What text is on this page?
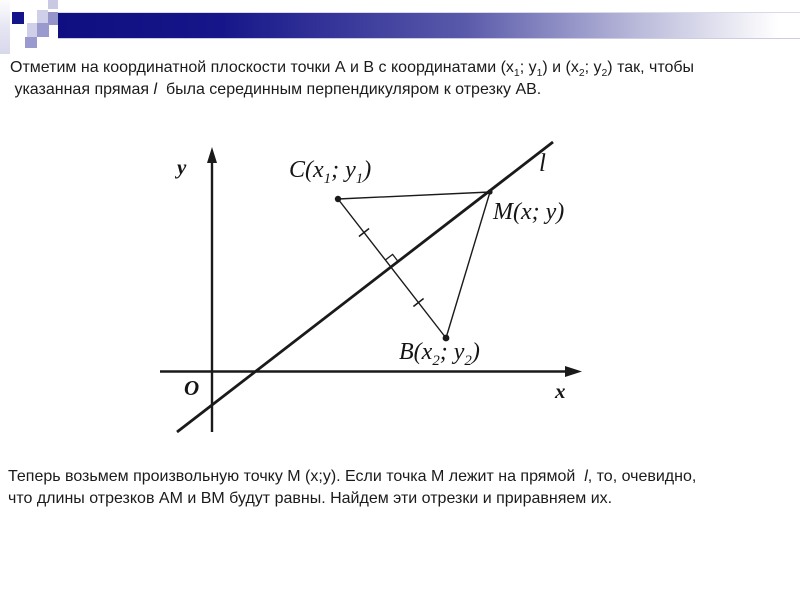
Отметим на координатной плоскости точки А и В с координатами ($x_1$; $y_1$) и ($x_2$; $y_2$) так, чтобы
указанная прямая l  была серединным перпендикуляром к отрезку АВ.

y
x
O
l
$C(x_1$; $y_1$)
M(x; y)
$B(x_2$; $y_2$)

Теперь возьмем произвольную точку М (x;y). Если точка М лежит на прямой  l, то, очевидно,
что длины отрезков АМ и ВМ будут равны. Найдем эти отрезки и приравняем их.
